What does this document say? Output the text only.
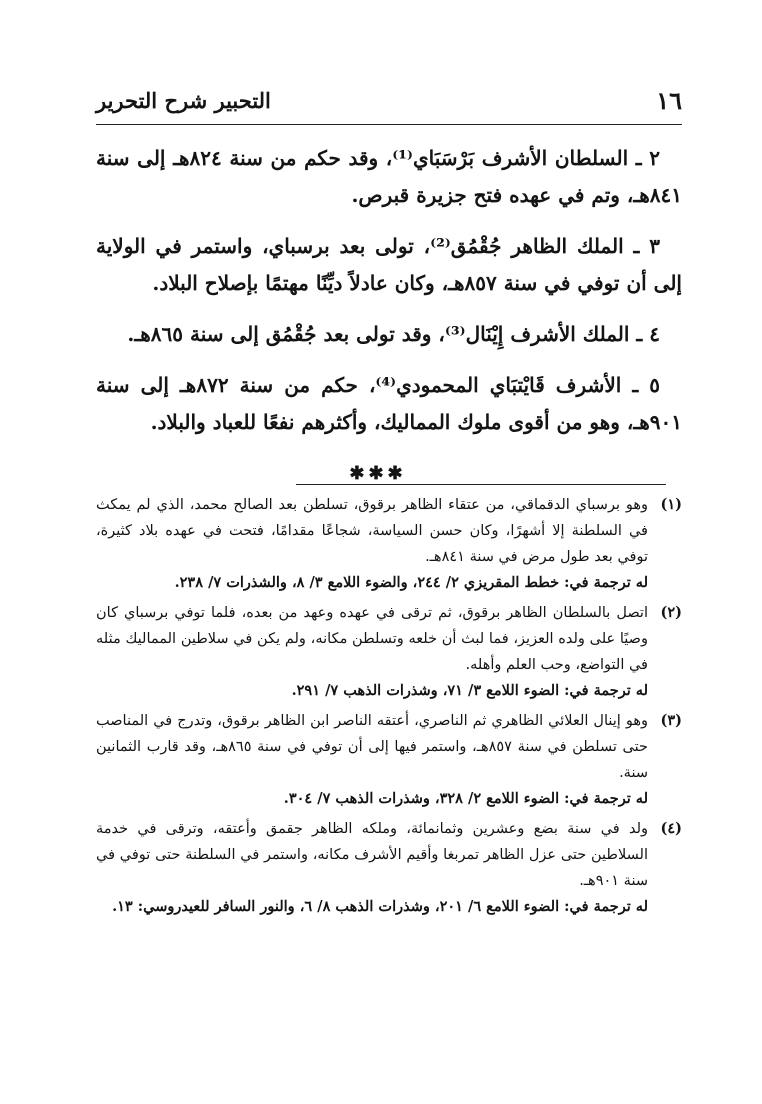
١٦
التحبير شرح التحرير

٢ ـ السلطان الأشرف بَرْسَبَاي⁽¹⁾، وقد حكم من سنة ٨٢٤هـ إلى سنة ٨٤١هـ، وتم في عهده فتح جزيرة قبرص.

٣ ـ الملك الظاهر جُقْمُق⁽²⁾، تولى بعد برسباي، واستمر في الولاية إلى أن توفي في سنة ٨٥٧هـ، وكان عادلاً ديِّنًا مهتمًا بإصلاح البلاد.

٤ ـ الملك الأشرف إِيْنَال⁽³⁾، وقد تولى بعد جُقْمُق إلى سنة ٨٦٥هـ.

٥ ـ الأشرف قَايْتبَاي المحمودي⁽⁴⁾، حكم من سنة ٨٧٢هـ إلى سنة ٩٠١هـ، وهو من أقوى ملوك المماليك، وأكثرهم نفعًا للعباد والبلاد.

✱✱✱

(١)

وهو برسباي الدقماقي، من عتقاء الظاهر برقوق، تسلطن بعد الصالح محمد، الذي لم يمكث في السلطنة إلا أشهرًا، وكان حسن السياسة، شجاعًا مقدامًا، فتحت في عهده بلاد كثيرة، توفي بعد طول مرض في سنة ٨٤١هـ.

له ترجمة في: خطط المقريزي ٢/ ٢٤٤، والضوء اللامع ٣/ ٨، والشذرات ٧/ ٢٣٨.

(٢)

اتصل بالسلطان الظاهر برقوق، ثم ترقى في عهده وعهد من بعده، فلما توفي برسباي كان وصيًا على ولده العزيز، فما لبث أن خلعه وتسلطن مكانه، ولم يكن في سلاطين المماليك مثله في التواضع، وحب العلم وأهله.

له ترجمة في: الضوء اللامع ٣/ ٧١، وشذرات الذهب ٧/ ٢٩١.

(٣)

وهو إينال العلائي الظاهري ثم الناصري، أعتقه الناصر ابن الظاهر برقوق، وتدرج في المناصب حتى تسلطن في سنة ٨٥٧هـ، واستمر فيها إلى أن توفي في سنة ٨٦٥هـ، وقد قارب الثمانين سنة.

له ترجمة في: الضوء اللامع ٢/ ٣٢٨، وشذرات الذهب ٧/ ٣٠٤.

(٤)

ولد في سنة بضع وعشرين وثمانمائة، وملكه الظاهر جقمق وأعتقه، وترقى في خدمة السلاطين حتى عزل الظاهر تمربغا وأقيم الأشرف مكانه، واستمر في السلطنة حتى توفي في سنة ٩٠١هـ.

له ترجمة في: الضوء اللامع ٦/ ٢٠١، وشذرات الذهب ٨/ ٦، والنور السافر للعيدروسي: ١٣.
